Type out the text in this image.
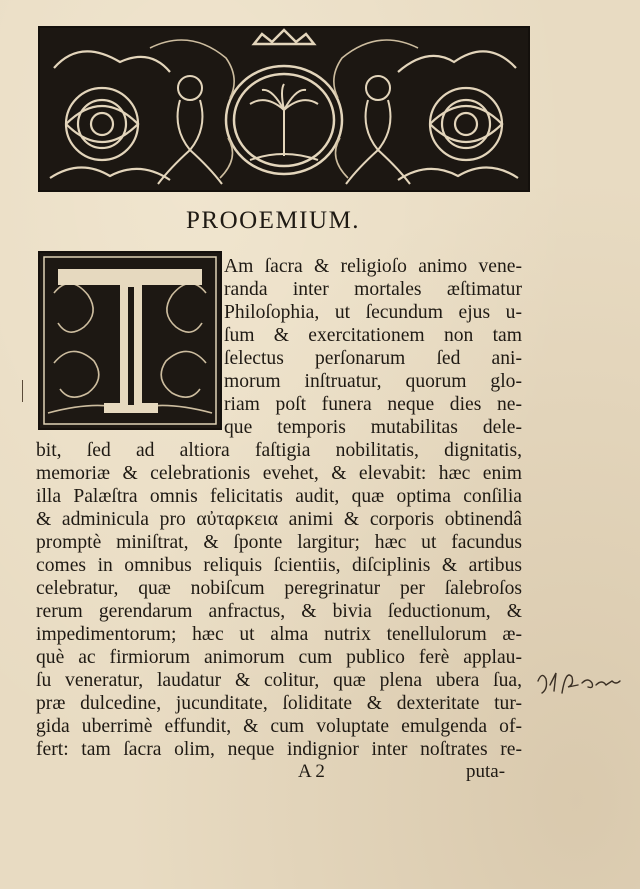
PROOEMIUM.
Am ſacra & religioſo animo vene-
randa inter mortales æſtimatur
Philoſophia, ut ſecundum ejus u-
ſum & exercitationem non tam
ſelectus perſonarum ſed ani-
morum inſtruatur, quorum glo-
riam poſt funera neque dies ne-
que temporis mutabilitas dele-
bit, ſed ad altiora faſtigia nobilitatis, dignitatis,
memoriæ & celebrationis evehet, & elevabit: hæc enim
illa Palæſtra omnis felicitatis audit, quæ optima conſilia
& adminicula pro αὐταρκεια animi & corporis obtinendâ
promptè miniſtrat, & ſponte largitur; hæc ut facundus
comes in omnibus reliquis ſcientiis, diſciplinis & artibus
celebratur, quæ nobiſcum peregrinatur per ſalebroſos
rerum gerendarum anfractus, & bivia ſeductionum, &
impedimentorum; hæc ut alma nutrix tenellulorum æ-
què ac firmiorum animorum cum publico ferè applau-
ſu veneratur, laudatur & colitur, quæ plena ubera ſua,
præ dulcedine, jucunditate, ſoliditate & dexteritate tur-
gida uberrimè effundit, & cum voluptate emulgenda of-
fert: tam ſacra olim, neque indignior inter noſtrates re-
A 2	puta-
